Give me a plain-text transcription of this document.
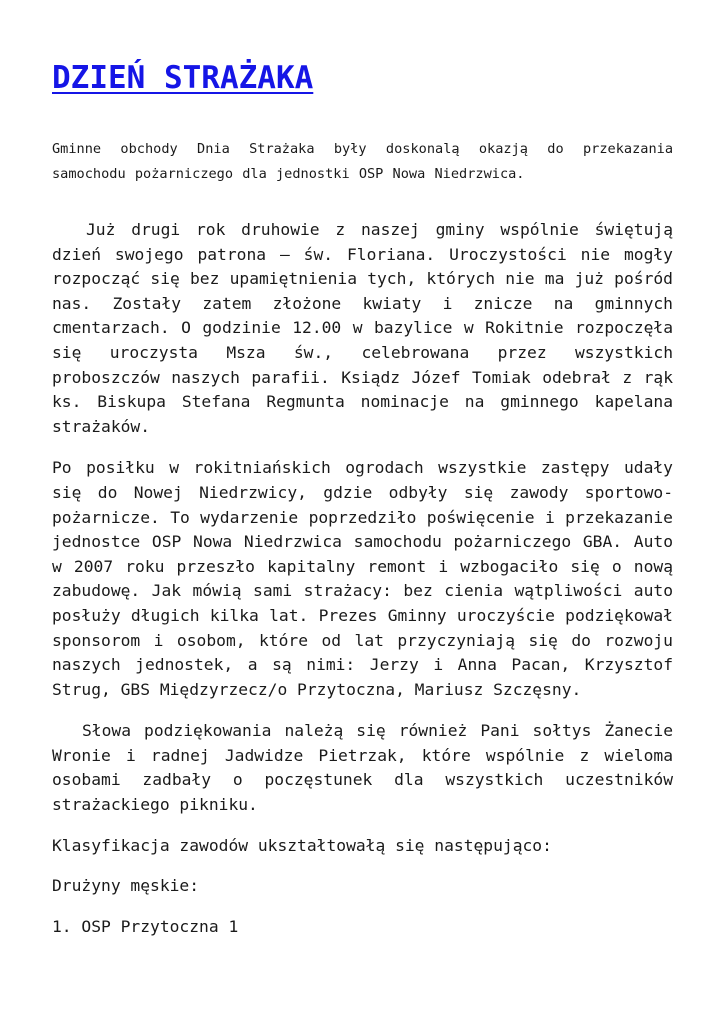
DZIEŃ STRAŻAKA

Gminne obchody Dnia Strażaka były doskonalą okazją do przekazania samochodu pożarniczego dla jednostki OSP Nowa Niedrzwica.

Już drugi rok druhowie z naszej gminy wspólnie świętują dzień swojego patrona – św. Floriana. Uroczystości nie mogły rozpocząć się bez upamiętnienia tych, których nie ma już pośród nas. Zostały zatem złożone kwiaty i znicze na gminnych cmentarzach. O godzinie 12.00 w bazylice w Rokitnie rozpoczęła się uroczysta Msza św., celebrowana przez wszystkich proboszczów naszych parafii. Ksiądz Józef Tomiak odebrał z rąk ks. Biskupa Stefana Regmunta nominacje na gminnego kapelana strażaków.

Po posiłku w rokitniańskich ogrodach wszystkie zastępy udały się do Nowej Niedrzwicy, gdzie odbyły się zawody sportowo-pożarnicze. To wydarzenie poprzedziło poświęcenie i przekazanie jednostce OSP Nowa Niedrzwica samochodu pożarniczego GBA. Auto w 2007 roku przeszło kapitalny remont i wzbogaciło się o nową zabudowę. Jak mówią sami strażacy: bez cienia wątpliwości auto posłuży długich kilka lat. Prezes Gminny uroczyście podziękował sponsorom i osobom, które od lat przyczyniają się do rozwoju naszych jednostek, a są nimi: Jerzy i Anna Pacan, Krzysztof Strug, GBS Międzyrzecz/o Przytoczna, Mariusz Szczęsny.

Słowa podziękowania należą się również Pani sołtys Żanecie Wronie i radnej Jadwidze Pietrzak, które wspólnie z wieloma osobami zadbały o poczęstunek dla wszystkich uczestników strażackiego pikniku.

Klasyfikacja zawodów ukształtowałą się następująco:

Drużyny męskie:

1. OSP Przytoczna 1
